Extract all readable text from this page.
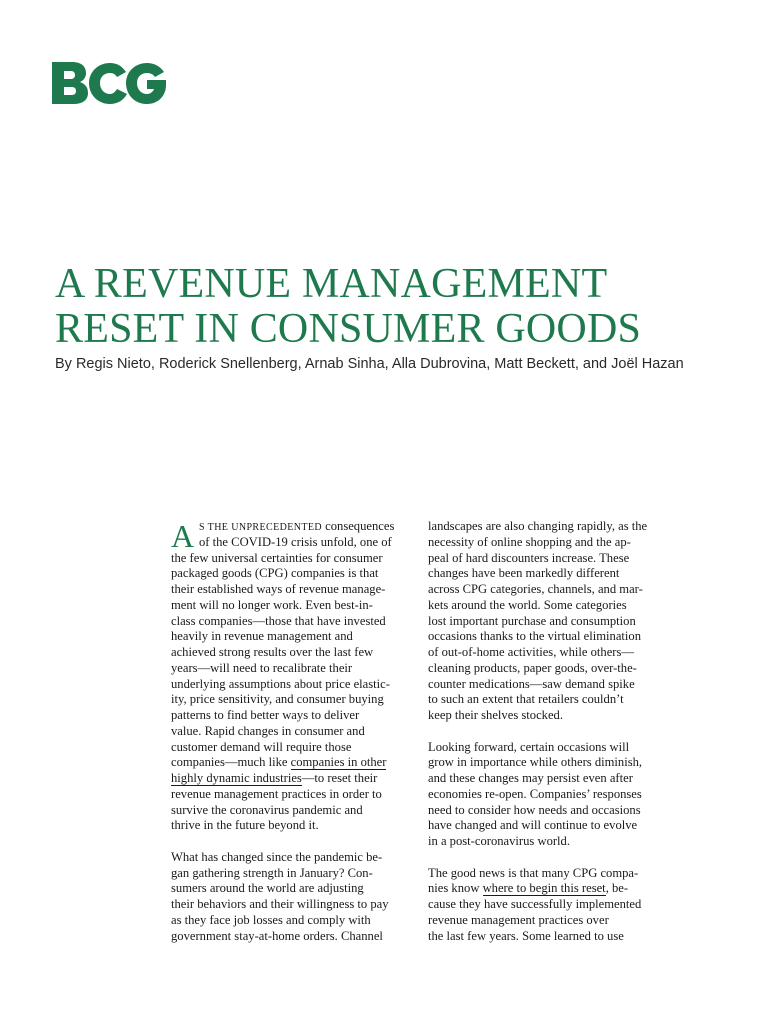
A REVENUE MANAGEMENT
RESET IN CONSUMER GOODS

By Regis Nieto, Roderick Snellenberg, Arnab Sinha, Alla Dubrovina, Matt Beckett, and Joël Hazan

A S THE UNPRECEDENTED consequences
of the COVID-19 crisis unfold, one of
the few universal certainties for consumer
packaged goods (CPG) companies is that
their established ways of revenue manage-
ment will no longer work. Even best-in-
class companies—those that have invested
heavily in revenue management and
achieved strong results over the last few
years—will need to recalibrate their
underlying assumptions about price elastic-
ity, price sensitivity, and consumer buying
patterns to find better ways to deliver
value. Rapid changes in consumer and
customer demand will require those
companies—much like companies in other
highly dynamic industries—to reset their
revenue management practices in order to
survive the coronavirus pandemic and
thrive in the future beyond it.
What has changed since the pandemic be-
gan gathering strength in January? Con-
sumers around the world are adjusting
their behaviors and their willingness to pay
as they face job losses and comply with
government stay-at-home orders. Channel
landscapes are also changing rapidly, as the
necessity of online shopping and the ap-
peal of hard discounters increase. These
changes have been markedly different
across CPG categories, channels, and mar-
kets around the world. Some categories
lost important purchase and consumption
occasions thanks to the virtual elimination
of out-of-home activities, while others—
cleaning products, paper goods, over-the-
counter medications—saw demand spike
to such an extent that retailers couldn’t
keep their shelves stocked.
Looking forward, certain occasions will
grow in importance while others diminish,
and these changes may persist even after
economies re-open. Companies’ responses
need to consider how needs and occasions
have changed and will continue to evolve
in a post-coronavirus world.
The good news is that many CPG compa-
nies know where to begin this reset, be-
cause they have successfully implemented
revenue management practices over
the last few years. Some learned to use
